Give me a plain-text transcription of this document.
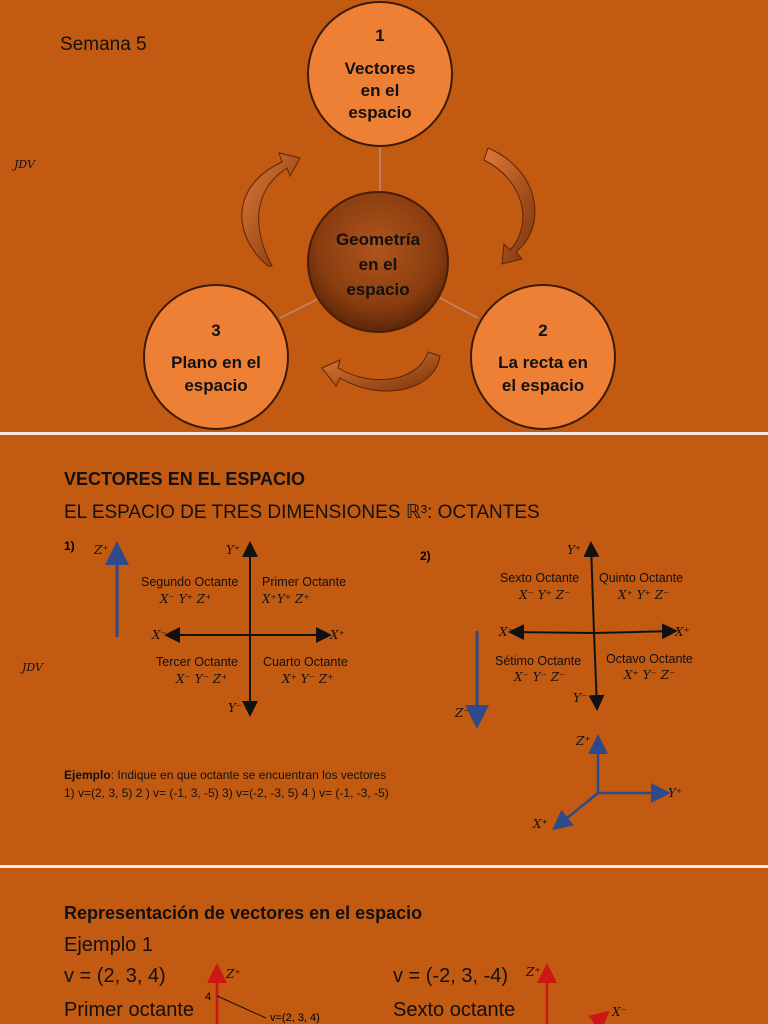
Semana 5
JDV
Geometría
en el
espacio
1
Vectores
en el
espacio
3
Plano en el
espacio
2
La recta en
el espacio
VECTORES EN EL ESPACIO
EL ESPACIO DE TRES DIMENSIONES ℝ³: OCTANTES
JDV
1) Z⁺	Y⁺
Y⁻
X⁺
X⁻
Segundo Octante
X⁻ Y⁺ Z⁺
Primer Octante
X⁺Y⁺ Z⁺
Tercer Octante
X⁻ Y⁻ Z⁺
Cuarto Octante
X⁺ Y⁻ Z⁺
2)
Z⁻
Y⁺
Y⁻
X⁺
X⁻
Sexto Octante
X⁻ Y⁺ Z⁻
Quinto Octante
X⁺ Y⁺ Z⁻
Sétimo Octante
X⁻ Y⁻ Z⁻
Octavo Octante
X⁺ Y⁻ Z⁻
Z⁺
Y⁺
X⁺
Ejemplo: Indique en que octante se encuentran los vectores
1) v=(2, 3, 5) 2 ) v= (-1, 3, -5) 3) v=(-2, -3, 5) 4 ) v= (-1, -3, -5)
Representación de vectores en el espacio
Ejemplo 1
v = (2, 3, 4)
Primer octante
v = (-2, 3, -4)
Sexto octante
Z⁺
4
v=(2, 3, 4)
Z⁺
X⁻
